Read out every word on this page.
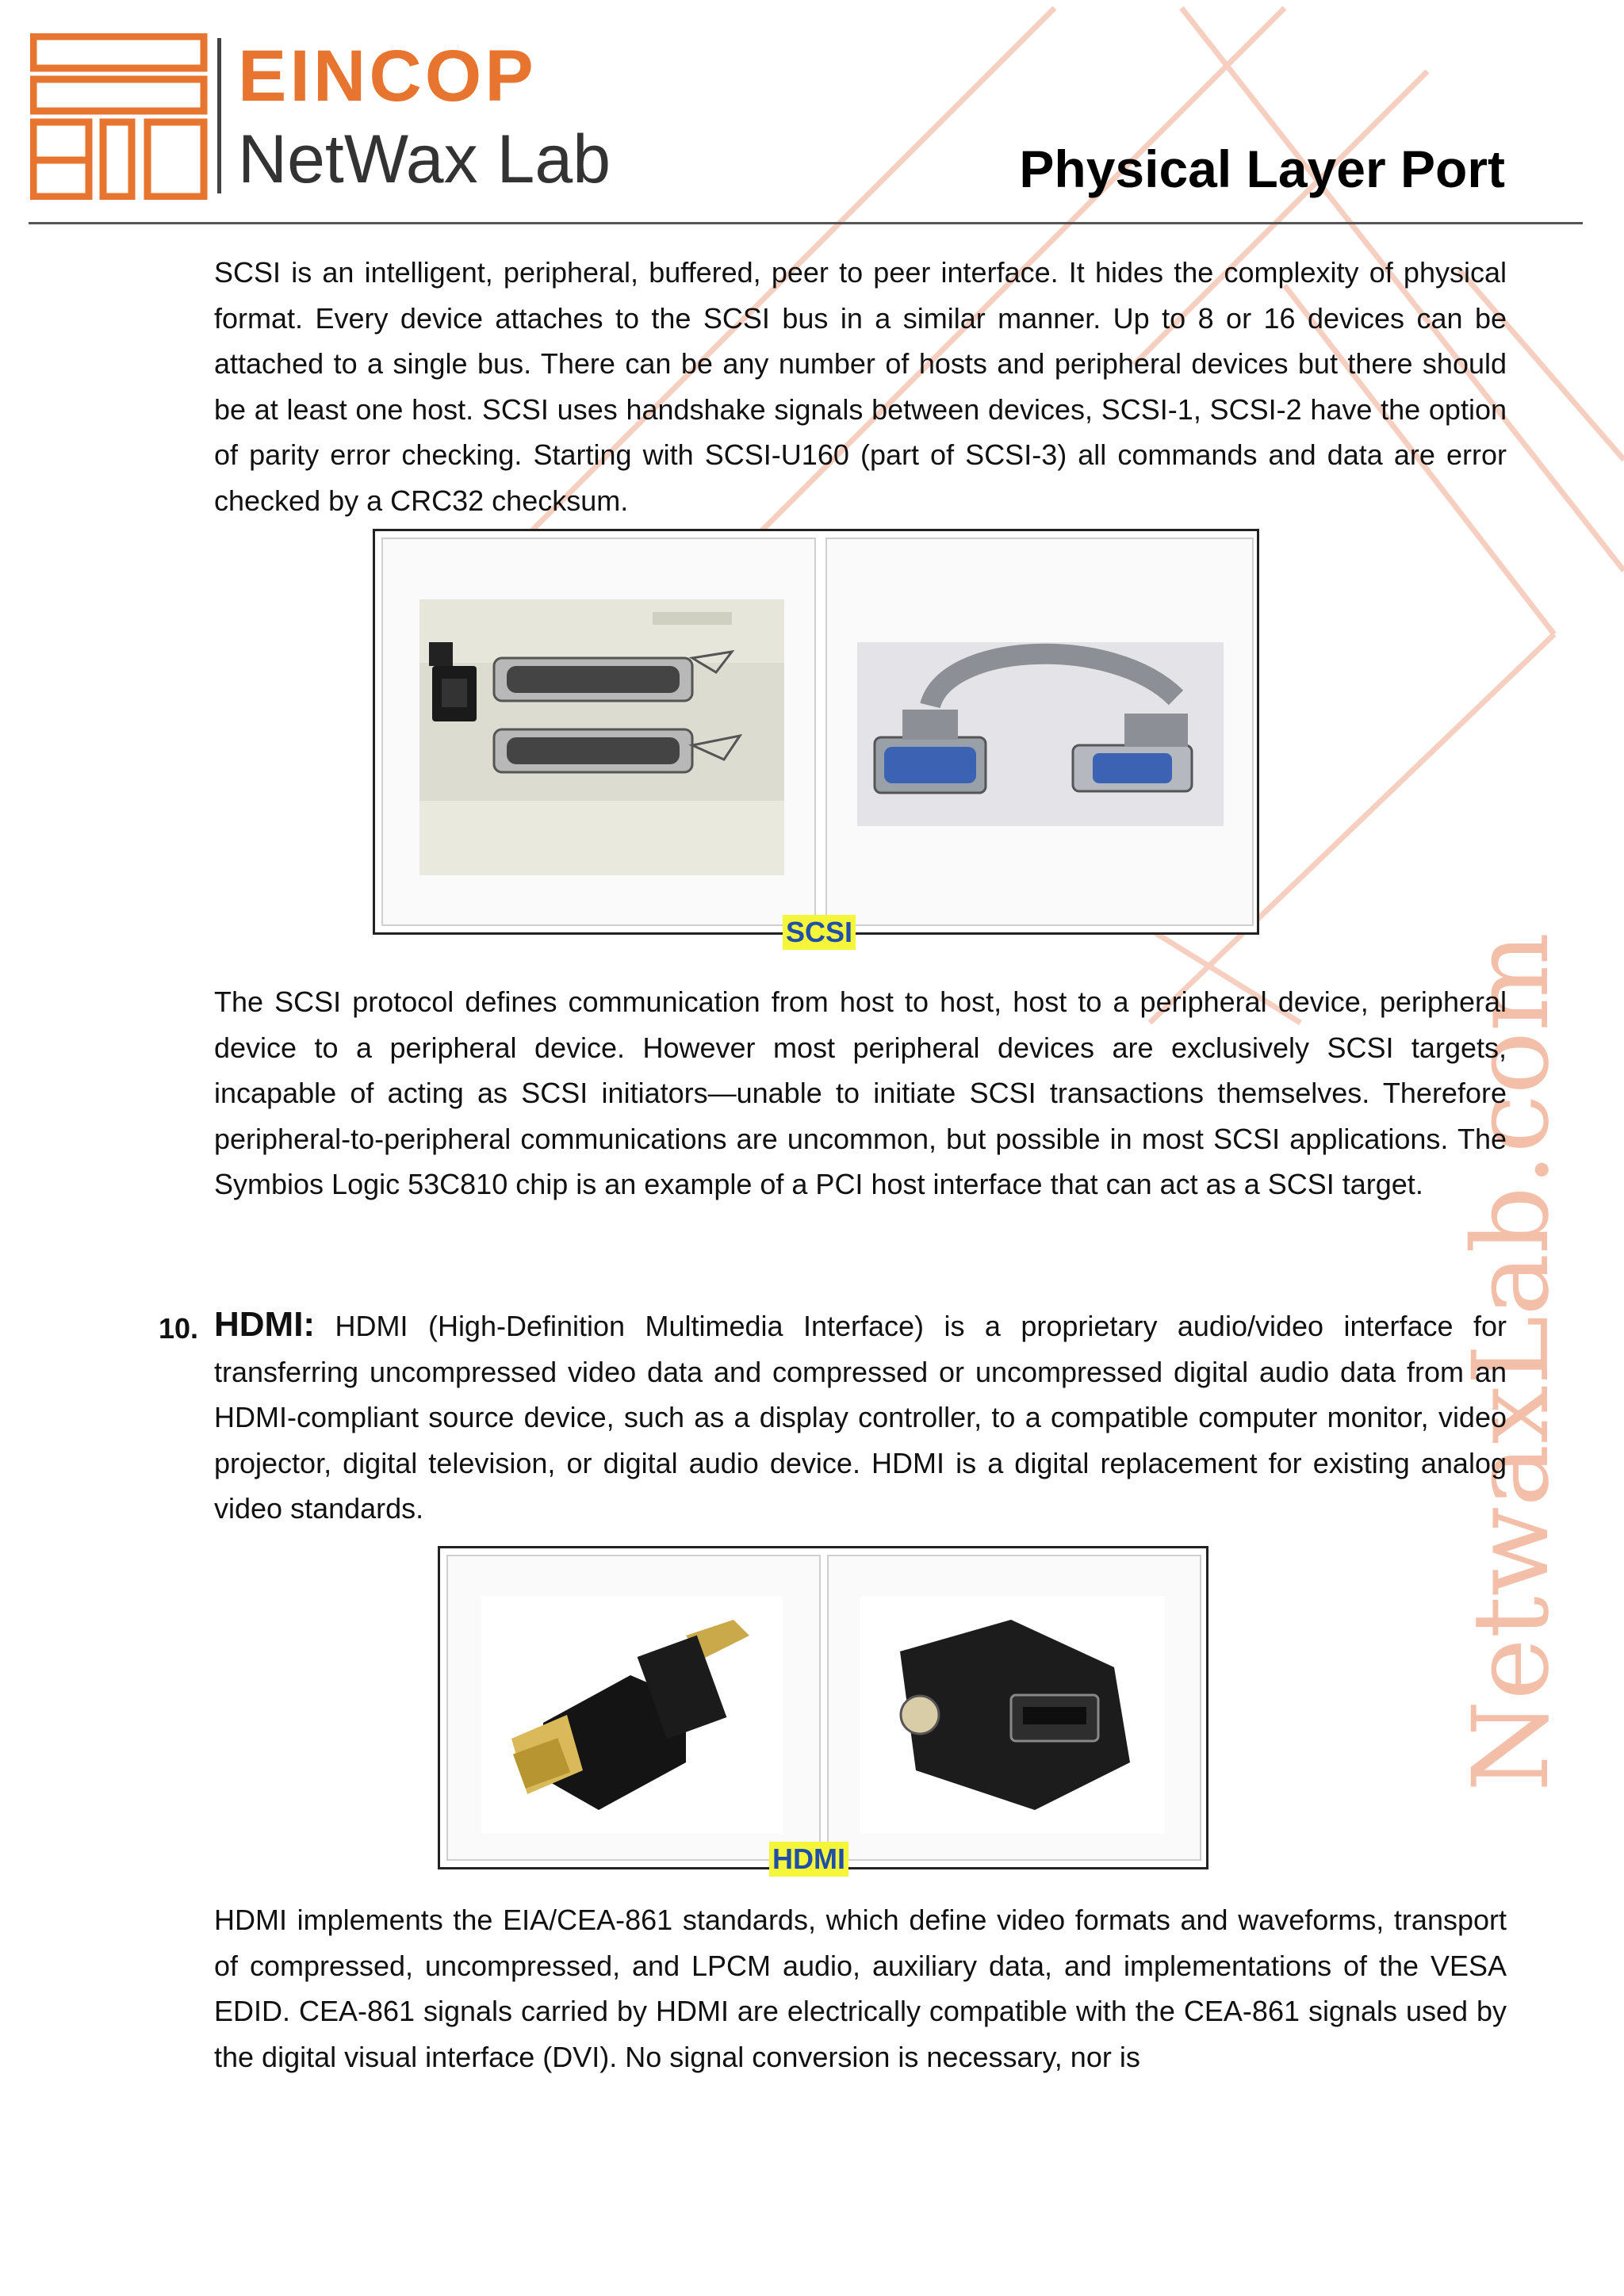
NetwaxLab.com
EINCOP
NetWax Lab	Physical Layer Port

SCSI is an intelligent, peripheral, buffered, peer to peer interface. It hides the complexity of physical format. Every device attaches to the SCSI bus in a similar manner. Up to 8 or 16 devices can be attached to a single bus. There can be any number of hosts and peripheral devices but there should be at least one host. SCSI uses handshake signals between devices, SCSI-1, SCSI-2 have the option of parity error checking. Starting with SCSI-U160 (part of SCSI-3) all commands and data are error checked by a CRC32 checksum.

SCSI

The SCSI protocol defines communication from host to host, host to a peripheral device, peripheral device to a peripheral device. However most peripheral devices are exclusively SCSI targets, incapable of acting as SCSI initiators—unable to initiate SCSI transactions themselves. Therefore peripheral-to-peripheral communications are uncommon, but possible in most SCSI applications. The Symbios Logic 53C810 chip is an example of a PCI host interface that can act as a SCSI target.

10. HDMI: HDMI (High-Definition Multimedia Interface) is a proprietary audio/video interface for transferring uncompressed video data and compressed or uncompressed digital audio data from an HDMI-compliant source device, such as a display controller, to a compatible computer monitor, video projector, digital television, or digital audio device. HDMI is a digital replacement for existing analog video standards.

HDMI

HDMI implements the EIA/CEA-861 standards, which define video formats and waveforms, transport of compressed, uncompressed, and LPCM audio, auxiliary data, and implementations of the VESA EDID. CEA-861 signals carried by HDMI are electrically compatible with the CEA-861 signals used by the digital visual interface (DVI). No signal conversion is necessary, nor is
